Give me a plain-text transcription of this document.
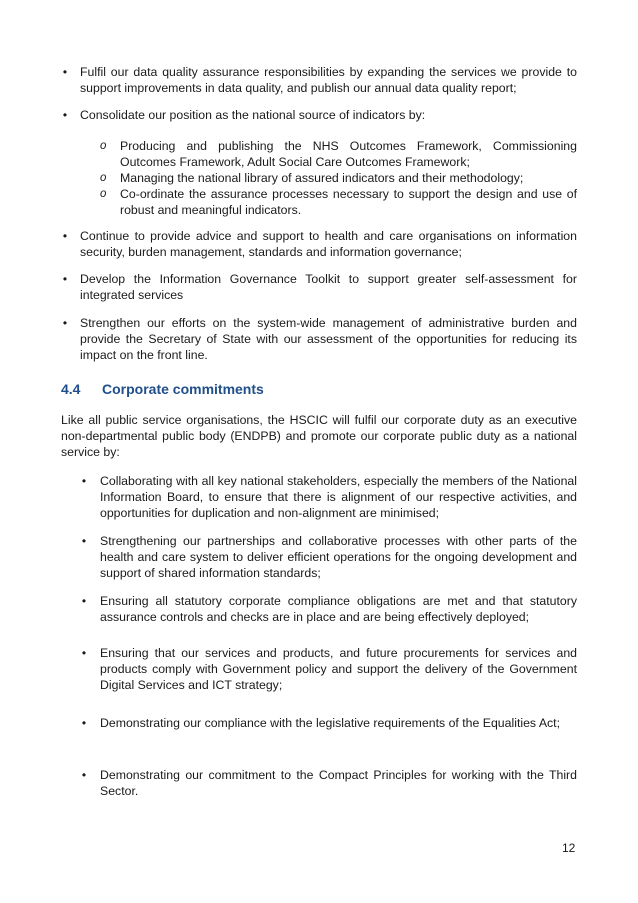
• Fulfil our data quality assurance responsibilities by expanding the services we provide to support improvements in data quality, and publish our annual data quality report;
• Consolidate our position as the national source of indicators by:
o Producing and publishing the NHS Outcomes Framework, Commissioning Outcomes Framework, Adult Social Care Outcomes Framework;
o Managing the national library of assured indicators and their methodology;
o Co-ordinate the assurance processes necessary to support the design and use of robust and meaningful indicators.
• Continue to provide advice and support to health and care organisations on information security, burden management, standards and information governance;
• Develop the Information Governance Toolkit to support greater self-assessment for integrated services
• Strengthen our efforts on the system-wide management of administrative burden and provide the Secretary of State with our assessment of the opportunities for reducing its impact on the front line.
4.4 Corporate commitments
Like all public service organisations, the HSCIC will fulfil our corporate duty as an executive non-departmental public body (ENDPB) and promote our corporate public duty as a national service by:
• Collaborating with all key national stakeholders, especially the members of the National Information Board, to ensure that there is alignment of our respective activities, and opportunities for duplication and non-alignment are minimised;
• Strengthening our partnerships and collaborative processes with other parts of the health and care system to deliver efficient operations for the ongoing development and support of shared information standards;
• Ensuring all statutory corporate compliance obligations are met and that statutory assurance controls and checks are in place and are being effectively deployed;
• Ensuring that our services and products, and future procurements for services and products comply with Government policy and support the delivery of the Government Digital Services and ICT strategy;
• Demonstrating our compliance with the legislative requirements of the Equalities Act;
• Demonstrating our commitment to the Compact Principles for working with the Third Sector.
12
